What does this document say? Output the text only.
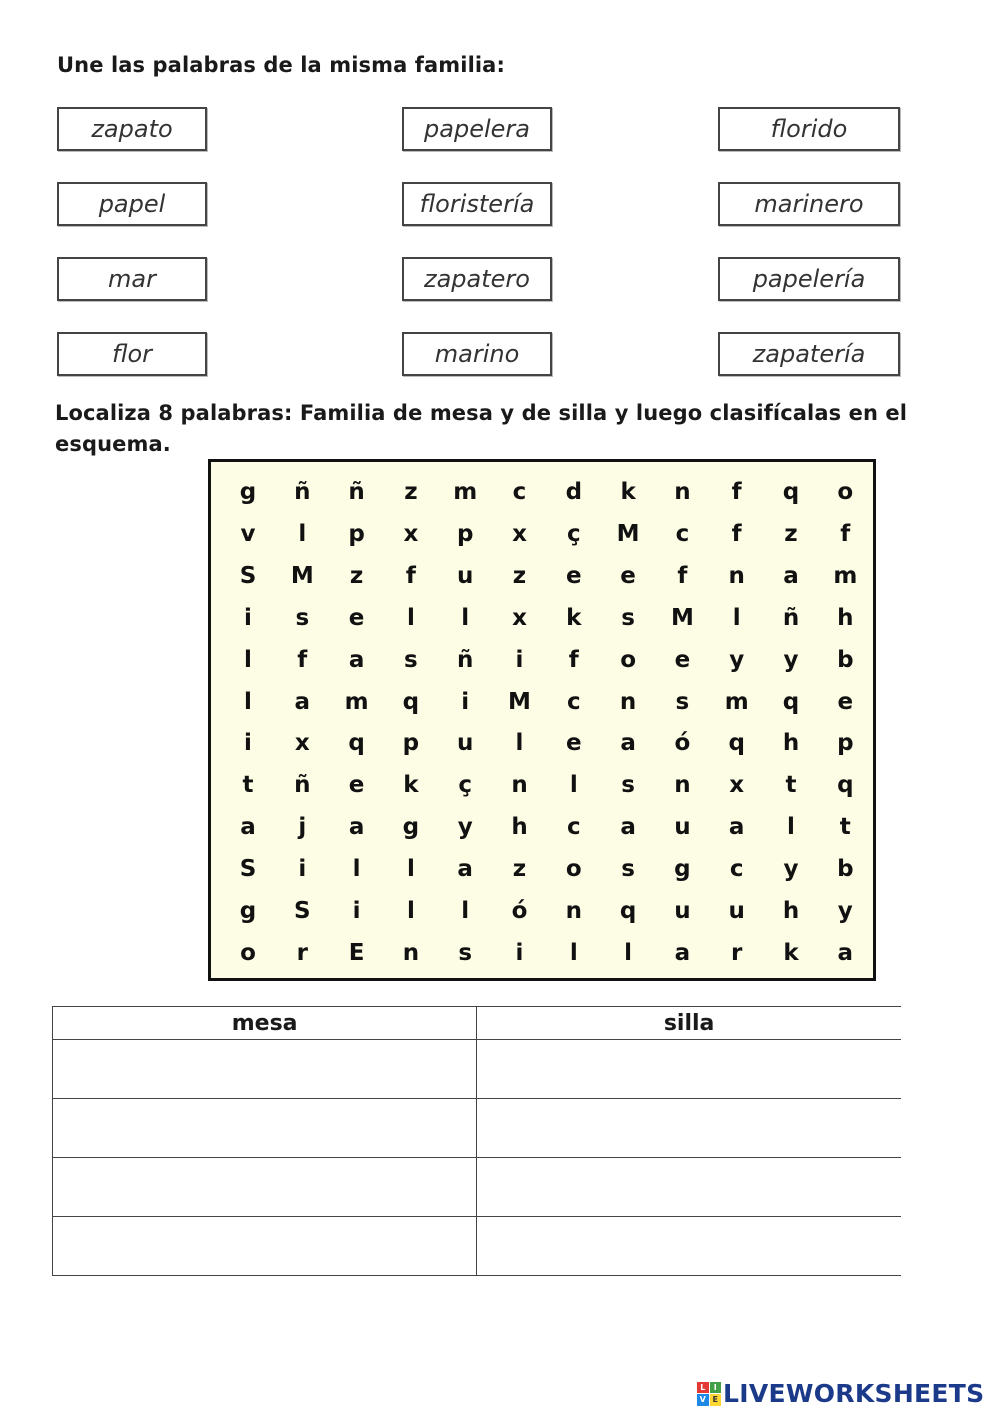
Une las palabras de la misma familia:
zapato	papelera	florido
papel	floristería	marinero
mar	zapatero	papelería
flor	marino	zapatería
Localiza 8 palabras: Familia de mesa y de silla y luego clasifícalas en el esquema.
g	ñ	ñ	z	m	c	d	k	n	f	q	o
v	l	p	x	p	x	ç	M	c	f	z	f
S	M	z	f	u	z	e	e	f	n	a	m
i	s	e	l	l	x	k	s	M	l	ñ	h
l	f	a	s	ñ	i	f	o	e	y	y	b
l	a	m	q	i	M	c	n	s	m	q	e
i	x	q	p	u	l	e	a	ó	q	h	p
t	ñ	e	k	ç	n	l	s	n	x	t	q
a	j	a	g	y	h	c	a	u	a	l	t
S	i	l	l	a	z	o	s	g	c	y	b
g	S	i	l	l	ó	n	q	u	u	h	y
o	r	E	n	s	i	l	l	a	r	k	a
mesa	silla

L	I
V E LIVEWORKSHEETS
